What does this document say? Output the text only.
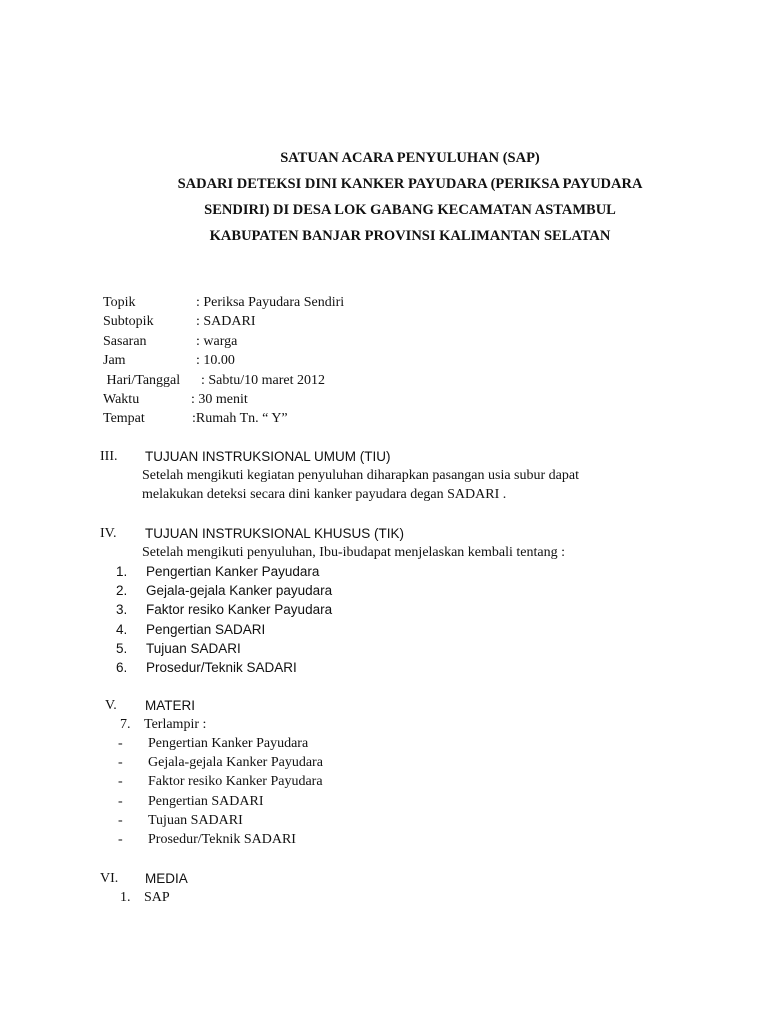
SATUAN ACARA PENYULUHAN (SAP)
SADARI DETEKSI DINI KANKER PAYUDARA (PERIKSA PAYUDARA
SENDIRI) DI DESA LOK GABANG KECAMATAN ASTAMBUL
KABUPATEN BANJAR PROVINSI KALIMANTAN SELATAN
Topik	: Periksa Payudara Sendiri
Subtopik	: SADARI
Sasaran	: warga
Jam	: 10.00
Hari/Tanggal : Sabtu/10 maret 2012
Waktu	: 30 menit
Tempat	:Rumah Tn. “ Y”
III. TUJUAN INSTRUKSIONAL UMUM (TIU)
Setelah mengikuti kegiatan penyuluhan diharapkan pasangan usia subur dapat
melakukan deteksi secara dini kanker payudara degan SADARI .
IV. TUJUAN INSTRUKSIONAL KHUSUS (TIK)
Setelah mengikuti penyuluhan, Ibu-ibudapat menjelaskan kembali tentang :
1. Pengertian Kanker Payudara
2. Gejala-gejala Kanker payudara
3. Faktor resiko Kanker Payudara
4. Pengertian SADARI
5. Tujuan SADARI
6. Prosedur/Teknik SADARI
V. MATERI
7. Terlampir :
- Pengertian Kanker Payudara
- Gejala-gejala Kanker Payudara
- Faktor resiko Kanker Payudara
- Pengertian SADARI
- Tujuan SADARI
- Prosedur/Teknik SADARI
VI. MEDIA
1. SAP
